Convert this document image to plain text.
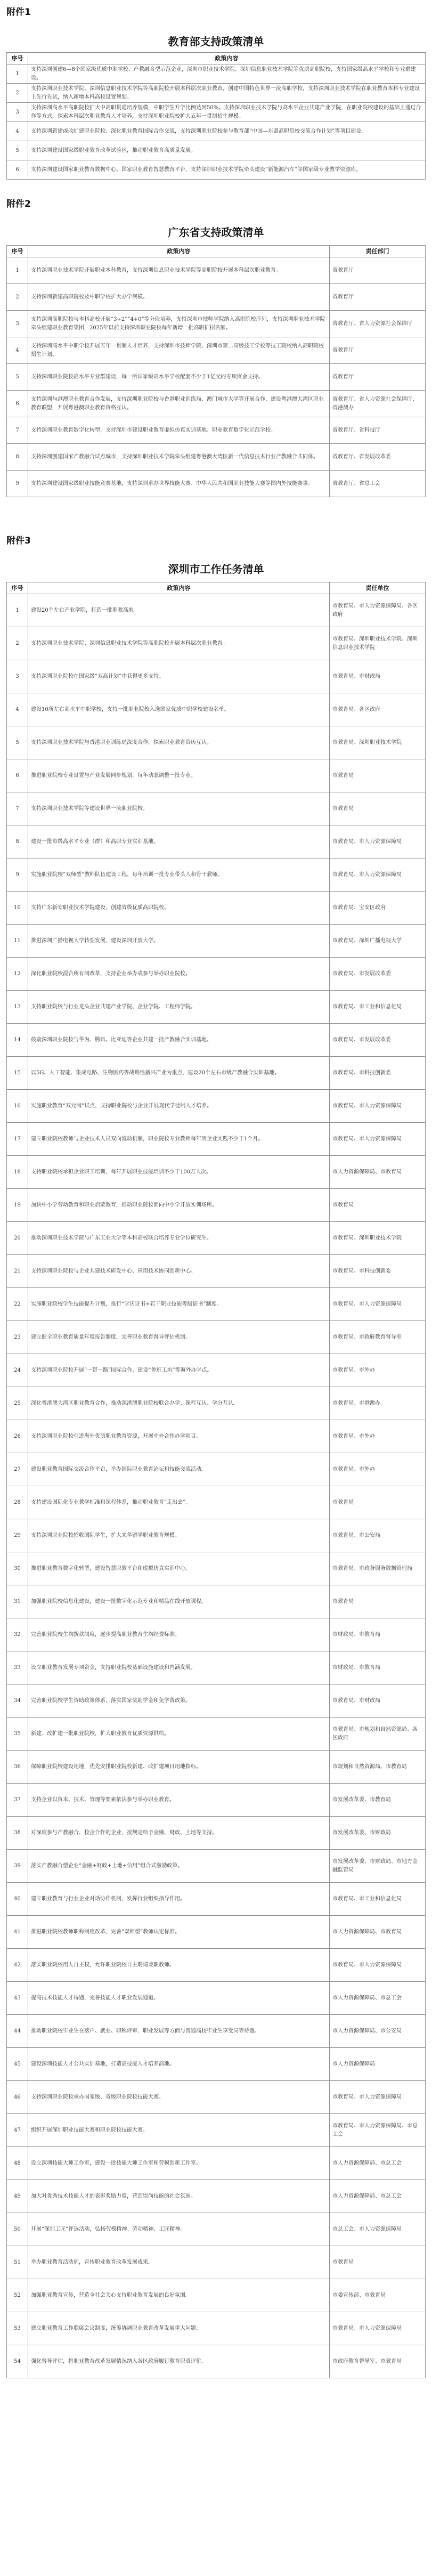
附件1
教育部支持政策清单
序号	政策内容
1	支持深圳创建6—8个国家级优质中职学校、产教融合型示范企业，深圳市职业技术学院、深圳信息职业技术学院等优质高职院校，支持国家级高水平学校和专业群建设。
2	支持深圳职业技术学院、深圳信息职业技术学院等高职院校开展本科层次职业教育，创建中国特色世界一流高职学校，支持深圳职业技术学院在职业教育本科专业建设上先行先试，纳入新增本科高校设置规划。
3	支持深圳高水平高职院校扩大中高职贯通培养规模，中职学生升学比例达到50%。支持深圳职业技术学院与高水平企业共建产业学院，在职业院校建设的基础上通过合作等方式，探索本科层次职业教育人才培养，支持深圳职业院校扩大五年一贯制招生规模。
4	支持深圳新建或改扩建职业院校、深化职业教育国际合作交流，支持深圳职业院校参与教育部“中国—东盟高职院校交流合作计划”等项目建设。
5	支持深圳建设国家级职业教育改革试验区，推动职业教育高质量发展。
6	支持深圳建设国家职业教育数据中心、国家职业教育智慧教育平台，支持深圳职业技术学院牵头建设“新能源汽车”等国家级专业教学资源库。
附件2
广东省支持政策清单
序号	政策内容	责任部门
1	支持深圳职业技术学院开展职业本科教育，支持深圳信息职业技术学院等高职院校开展本科层次职业教育。	省教育厅
2	支持深圳新建高职院校及中职学校扩大办学规模。	省教育厅
3	支持深圳高职院校与本科高校开展“3+2”“4+0”等分段培养，支持深圳市技师学院纳入高职院校序列，支持深圳职业技术学院牵头组建职业教育集团，2025年以前支持深圳职业院校每年新增一批高职扩招名额。	省教育厅、省人力资源社会保障厅
4	支持深圳高水平中职学校开展五年一贯制人才培养，支持深圳市技师学院、深圳市第二高级技工学校等技工院校纳入高职院校招生计划。	省教育厅
5	支持深圳职业院校高水平专业群建设，每一所国家级高水平学校配套不少于1亿元的专项资金支持。	省教育厅
6	支持深圳与港澳职业教育合作发展，支持深圳职业院校与香港职业训练局、澳门城市大学等开展合作，建设粤港澳大湾区职业教育联盟，开展粤港澳职业教育资格互认。	省教育厅、省人力资源社会保障厅、省港澳办
7	支持深圳职业教育数字化转型，支持深圳市建设职业教育虚拟仿真实训基地、职业教育数字化示范学校。	省教育厅、省科技厅
8	支持深圳创建国家产教融合试点城市，支持深圳职业技术学院牵头组建粤港澳大湾区新一代信息技术行业产教融合共同体。	省教育厅、省发展改革委
9	支持深圳建设国家级职业技能竞赛基地，支持深圳承办世界技能大赛、中华人民共和国职业技能大赛等国内外技能赛事。	省教育厅、省总工会
附件3
深圳市工作任务清单
序号	政策内容	责任单位
1	建设20个左右产业学院，打造一批职教高地。	市教育局、市人力资源保障局、各区政府
2	支持深圳职业技术学院、深圳信息职业技术学院等高职院校开展本科层次职业教育。	市教育局、深圳职业技术学院、深圳信息职业技术学院
3	支持深圳职业院校在国家级“双高计划”中获得更多支持。	市教育局、市财政局
4	建设10所左右高水平中职学校，支持一批职业院校入选国家优质中职学校建设名单。	市教育局、各区政府
5	支持深圳职业技术学院与香港职业训练局深度合作，探索职业教育资历互认。	市教育局、深圳职业技术学院
6	推进职业院校专业设置与产业发展同步规划，每年动态调整一批专业。	市教育局
7	支持深圳职业技术学院等建设世界一流职业院校。	市教育局
8	建设一批市级高水平专业（群）和高职专业实训基地。	市教育局、市人力资源保障局
9	实施职业院校“双师型”教师队伍建设工程，每年培训一批专业带头人和骨干教师。	市教育局、市人力资源保障局
10	支持广东新安职业技术学院建设，创建省级优质高职院校。	市教育局、宝安区政府
11	推进深圳广播电视大学转型发展，建设深圳开放大学。	市教育局、深圳广播电视大学
12	深化职业院校混合所有制改革，支持企业举办或参与举办职业院校。	市教育局、市发展改革委
13	支持职业院校与行业龙头企业共建产业学院、企业学院、工程师学院。	市教育局、市工业和信息化局
14	鼓励深圳职业院校与华为、腾讯、比亚迪等企业共建一批产教融合实训基地。	市教育局、市发展改革委
15	以5G、人工智能、集成电路、生物医药等战略性新兴产业为重点，建设20个左右市级产教融合实训基地。	市教育局、市科技创新委
16	实施职业教育“双元制”试点，支持职业院校与企业开展现代学徒制人才培养。	市教育局、市人力资源保障局
17	建立职业院校教师与企业技术人员双向流动机制，职业院校专业教师每年到企业实践不少于1个月。	市教育局、市人力资源保障局
18	支持职业院校承担企业职工培训，每年开展职业技能培训不少于100万人次。	市人力资源保障局、市教育局
19	加快中小学劳动教育和职业启蒙教育，推动职业院校面向中小学开放实训场所。	市教育局
20	推动深圳职业技术学院与广东工业大学等本科高校联合培养专业学位研究生。	市教育局、深圳职业技术学院
21	支持深圳职业院校与企业共建技术研发中心、应用技术协同创新中心。	市教育局、市科技创新委
22	实施职业院校学生技能提升计划，推行“学历证书+若干职业技能等级证书”制度。	市教育局、市人力资源保障局
23	建立健全职业教育质量年度报告制度，完善职业教育督导评估机制。	市教育局、市政府教育督导室
24	支持深圳职业院校开展“一带一路”国际合作，建设“鲁班工坊”等海外办学点。	市教育局、市外办
25	深化粤港澳大湾区职业教育合作，推动深港澳职业院校联合办学、课程互认、学分互认。	市教育局、市港澳办
26	支持深圳职业院校引进海外优质职业教育资源，开展中外合作办学项目。	市教育局、市外办
27	建设职业教育国际交流合作平台，举办国际职业教育论坛和技能交流活动。	市教育局、市外办
28	支持建设国际化专业教学标准和课程体系，推动职业教育“走出去”。	市教育局
29	支持深圳职业院校招收国际学生，扩大来华留学职业教育规模。	市教育局、市公安局
30	推进职业教育数字化转型，建设智慧职教平台和虚拟仿真实训中心。	市教育局、市政务服务数据管理局
31	加强职业院校信息化建设，建设一批数字化示范专业和精品在线开放课程。	市教育局
32	完善职业院校生均拨款制度，逐步提高职业教育生均经费标准。	市财政局、市教育局
33	设立职业教育发展专项资金，支持职业院校基础设施建设和内涵发展。	市财政局、市教育局
34	完善职业院校学生资助政策体系，落实国家奖助学金和免学费政策。	市教育局、市财政局
35	新建、改扩建一批职业院校，扩大职业教育优质资源供给。	市教育局、市规划和自然资源局、各区政府
36	保障职业院校建设用地，优先安排职业院校新建、改扩建项目用地指标。	市规划和自然资源局、市教育局
37	支持企业以资本、技术、管理等要素依法参与举办职业教育。	市发展改革委、市教育局
38	对深度参与产教融合、校企合作的企业，按规定给予金融、财政、土地等支持。	市发展改革委、市财政局
39	落实产教融合型企业“金融+财政+土地+信用”组合式激励政策。	市发展改革委、市财政局、市地方金融监管局
40	建立职业教育与行业企业对话协作机制，发挥行业组织指导作用。	市教育局、市工业和信息化局
41	推进职业院校教师职称制度改革，完善“双师型”教师认定标准。	市人力资源保障局、市教育局
42	落实职业院校用人自主权，允许职业院校自主聘请兼职教师。	市教育局、市人力资源保障局
43	提高技术技能人才待遇，完善技能人才职业发展通道。	市人力资源保障局、市总工会
44	推动职业院校毕业生在落户、就业、职称评审、职业发展等方面与普通高校毕业生享受同等待遇。	市人力资源保障局、市公安局
45	建设深圳技能人才公共实训基地，打造高技能人才培养高地。	市人力资源保障局
46	支持深圳职业院校承办国家级、省级职业院校技能大赛。	市教育局、市人力资源保障局
47	组织开展深圳职业技能大赛和职业院校技能大赛。	市教育局、市人力资源保障局、市总工会
48	设立深圳技能大师工作室，建设一批技能大师工作室和劳模创新工作室。	市人力资源保障局、市总工会
49	加大对优秀技术技能人才的表彰奖励力度，营造崇尚技能的社会氛围。	市人力资源保障局、市总工会
50	开展“深圳工匠”评选活动，弘扬劳模精神、劳动精神、工匠精神。	市总工会、市人力资源保障局
51	举办职业教育活动周，宣传职业教育改革发展成果。	市教育局
52	加强职业教育宣传，营造全社会关心支持职业教育发展的良好氛围。	市委宣传部、市教育局
53	建立职业教育工作联席会议制度，统筹协调职业教育改革发展重大问题。	市教育局、市人力资源保障局
54	强化督导评估，将职业教育改革发展情况纳入各区政府履行教育职责评价。	市政府教育督导室、市教育局
